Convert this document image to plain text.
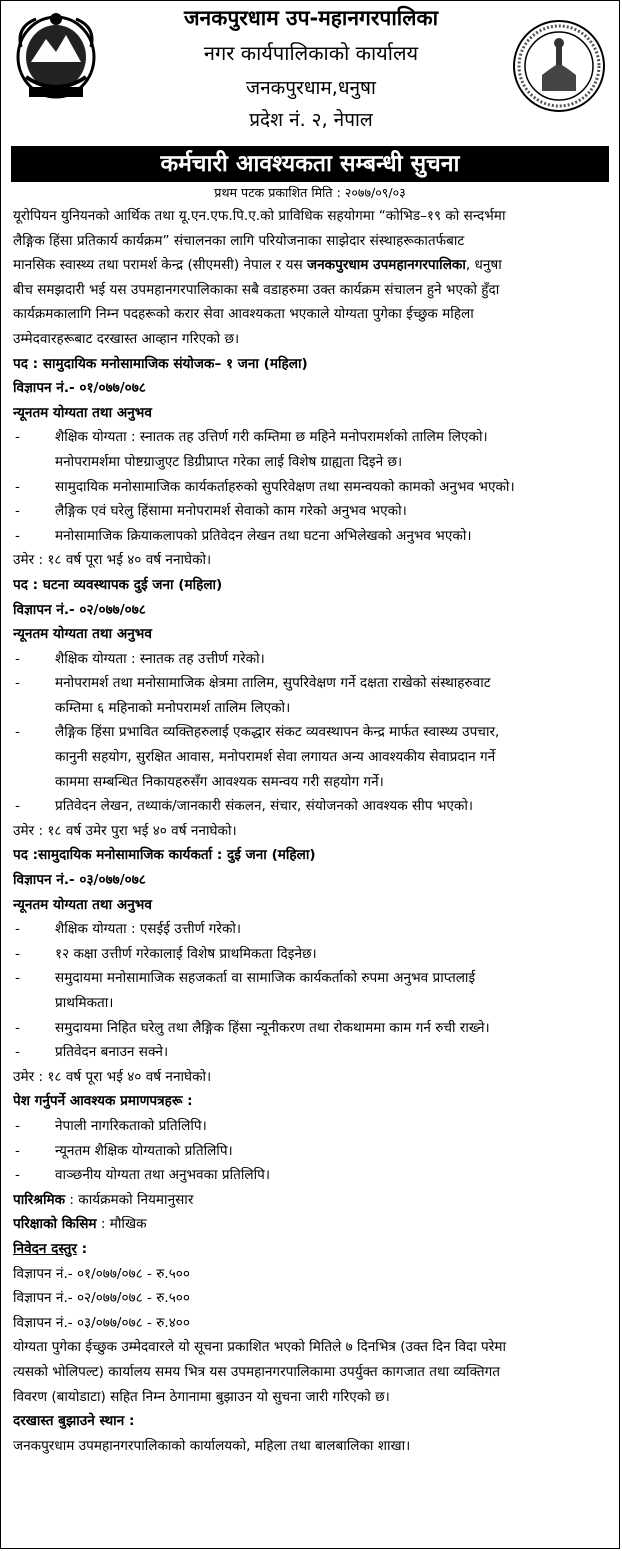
जनकपुरधाम उप-महानगरपालिका
नगर कार्यपालिकाको कार्यालय
जनकपुरधाम,धनुषा
प्रदेश नं. २, नेपाल
कर्मचारी आवश्यकता सम्बन्धी सुचना
प्रथम पटक प्रकाशित मिति : २०७७/०९/०३
यूरोपियन युनियनको आर्थिक तथा यू.एन.एफ.पि.ए.को प्राविधिक सहयोगमा “कोभिड–१९ को सन्दर्भमा
लैङ्गिक हिंसा प्रतिकार्य कार्यक्रम” संचालनका लागि परियोजनाका साझेदार संस्थाहरूकातर्फबाट
मानसिक स्वास्थ्य तथा परामर्श केन्द्र (सीएमसी) नेपाल र यस जनकपुरधाम उपमहानगरपालिका, धनुषा
बीच समझदारी भई यस उपमहानगरपालिकाका सबै वडाहरुमा उक्त कार्यक्रम संचालन हुने भएको हुँदा
कार्यक्रमकालागि निम्न पदहरूको करार सेवा आवश्यकता भएकाले योग्यता पुगेका ईच्छुक महिला
उम्मेदवारहरूबाट दरखास्त आव्हान गरिएको छ।
पद : सामुदायिक मनोसामाजिक संयोजक– १ जना (महिला)
विज्ञापन नं.- ०१/०७७/०७८
न्यूनतम योग्यता तथा अनुभव
-	शैक्षिक योग्यता : स्नातक तह उत्तिर्ण गरी कम्तिमा छ महिने मनोपरामर्शको तालिम लिएको।
मनोपरामर्शमा पोष्टग्राजुएट डिग्रीप्राप्त गरेका लाई विशेष ग्राह्यता दिइने छ।
-	सामुदायिक मनोसामाजिक कार्यकर्ताहरुको सुपरिवेक्षण तथा समन्वयको कामको अनुभव भएको।
-	लैङ्गिक एवं घरेलु हिंसामा मनोपरामर्श सेवाको काम गरेको अनुभव भएको।
-	मनोसामाजिक क्रियाकलापको प्रतिवेदन लेखन तथा घटना अभिलेखको अनुभव भएको।
उमेर : १८ वर्ष पूरा भई ४० वर्ष ननाघेको।
पद : घटना व्यवस्थापक दुई जना (महिला)
विज्ञापन नं.- ०२/०७७/०७८
न्यूनतम योग्यता तथा अनुभव
-	शैक्षिक योग्यता : स्नातक तह उत्तीर्ण गरेको।
-	मनोपरामर्श तथा मनोसामाजिक क्षेत्रमा तालिम, सुपरिवेक्षण गर्ने दक्षता राखेको संस्थाहरुवाट
कम्तिमा ६ महिनाको मनोपरामर्श तालिम लिएको।
-	लैङ्गिक हिंसा प्रभावित व्यक्तिहरुलाई एकद्धार संकट व्यवस्थापन केन्द्र मार्फत स्वास्थ्य उपचार,
कानुनी सहयोग, सुरक्षित आवास, मनोपरामर्श सेवा लगायत अन्य आवश्यकीय सेवाप्रदान गर्ने
काममा सम्बन्धित निकायहरुसँग आवश्यक समन्वय गरी सहयोग गर्ने।
-	प्रतिवेदन लेखन, तथ्याकं/जानकारी संकलन, संचार, संयोजनको आवश्यक सीप भएको।
उमेर : १८ वर्ष उमेर पुरा भई ४० वर्ष ननाघेको।
पद :सामुदायिक मनोसामाजिक कार्यकर्ता : दुई जना (महिला)
विज्ञापन नं.- ०३/०७७/०७८
न्यूनतम योग्यता तथा अनुभव
-	शैक्षिक योग्यता : एसईई उत्तीर्ण गरेको।
-	१२ कक्षा उत्तीर्ण गरेकालाई विशेष प्राथमिकता दिइनेछ।
-	समुदायमा मनोसामाजिक सहजकर्ता वा सामाजिक कार्यकर्ताको रुपमा अनुभव प्राप्तलाई
प्राथमिकता।
-	समुदायमा निहित घरेलु तथा लैङ्गिक हिंसा न्यूनीकरण तथा रोकथाममा काम गर्न रुची राख्ने।
-	प्रतिवेदन बनाउन सक्ने।
उमेर : १८ वर्ष पूरा भई ४० वर्ष ननाघेको।
पेश गर्नुपर्ने आवश्यक प्रमाणपत्रहरू :
-	नेपाली नागरिकताको प्रतिलिपि।
-	न्यूनतम शैक्षिक योग्यताको प्रतिलिपि।
-	वाञ्छनीय योग्यता तथा अनुभवका प्रतिलिपि।
पारिश्रमिक : कार्यक्रमको नियमानुसार
परिक्षाको किसिम : मौखिक
निवेदन दस्तुर :
विज्ञापन नं.- ०१/०७७/०७८ - रु.५००
विज्ञापन नं.- ०२/०७७/०७८ - रु.५००
विज्ञापन नं.- ०३/०७७/०७८ - रु.४००
योग्यता पुगेका ईच्छुक उम्मेदवारले यो सूचना प्रकाशित भएको मितिले ७ दिनभित्र (उक्त दिन विदा परेमा
त्यसको भोलिपल्ट) कार्यालय समय भित्र यस उपमहानगरपालिकामा उपर्युक्त कागजात तथा व्यक्तिगत
विवरण (बायोडाटा) सहित निम्न ठेगानामा बुझाउन यो सुचना जारी गरिएको छ।
दरखास्त बुझाउने स्थान :
जनकपुरधाम उपमहानगरपालिकाको कार्यालयको, महिला तथा बालबालिका शाखा।
